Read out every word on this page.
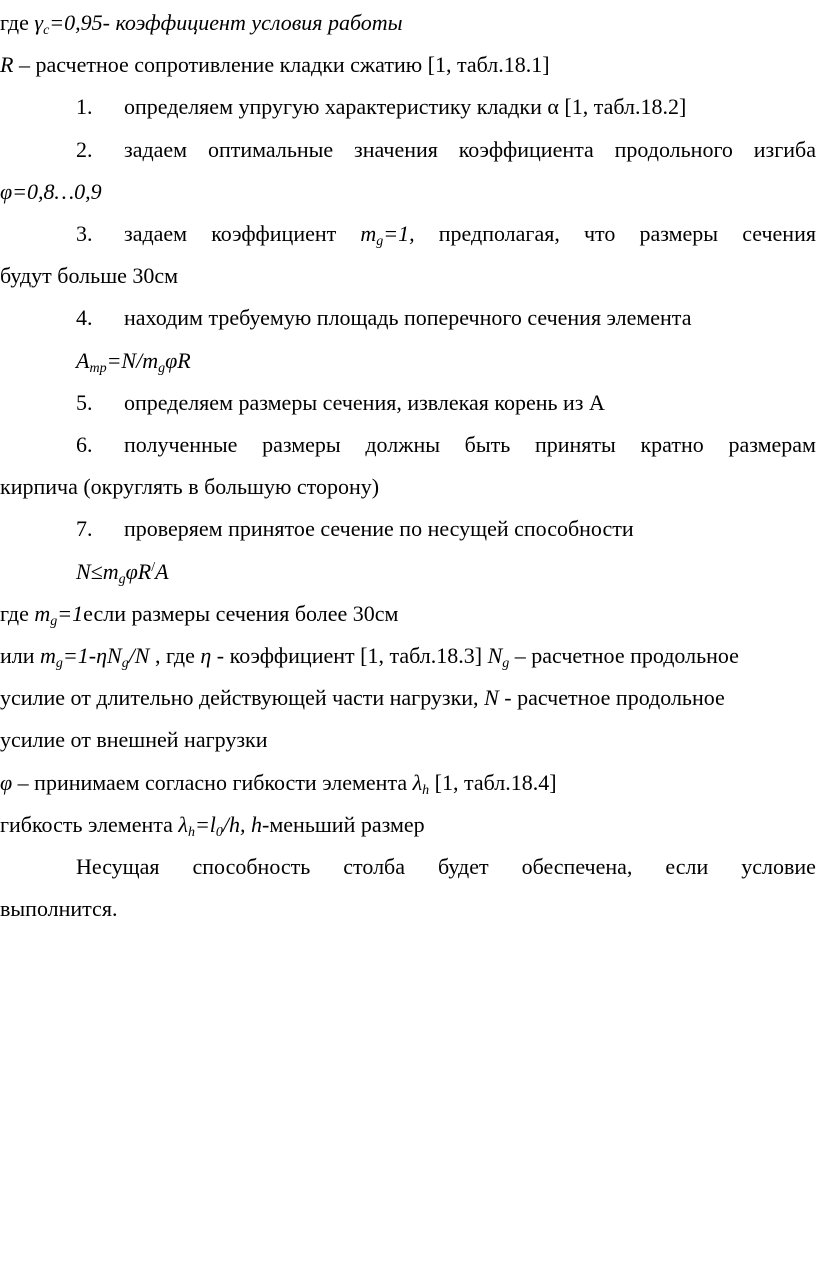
где $\gamma_c=0,95-$ коэффициент условия работы
R – расчетное сопротивление кладки сжатию [1, табл.18.1]
1. определяем упругую характеристику кладки α [1, табл.18.2]
2. задаем оптимальные значения коэффициента продольного изгиба
φ=0,8…0,9
3. задаем коэффициент $m_g=1$, предполагая, что размеры сечения
будут больше 30см
4. находим требуемую площадь поперечного сечения элемента
$A_{тр}=N/m_g\varphi R$
5. определяем размеры сечения, извлекая корень из А
6. полученные размеры должны быть приняты кратно размерам
кирпича (округлять в большую сторону)
7. проверяем принятое сечение по несущей способности
$N\le m_g\varphi R^/A$
где $m_g=1если$ размеры сечения более 30см
или $m_g=1-\eta N_g/N$ , где η - коэффициент [1, табл.18.3] $N_g$ – расчетное продольное
усилие от длительно действующей части нагрузки, N - расчетное продольное
усилие от внешней нагрузки
φ – принимаем согласно гибкости элемента $\lambda_h$ [1, табл.18.4]
гибкость элемента $\lambda_h=l_0/h$, h-меньший размер
Несущая способность столба будет обеспечена, если условие
выполнится.
